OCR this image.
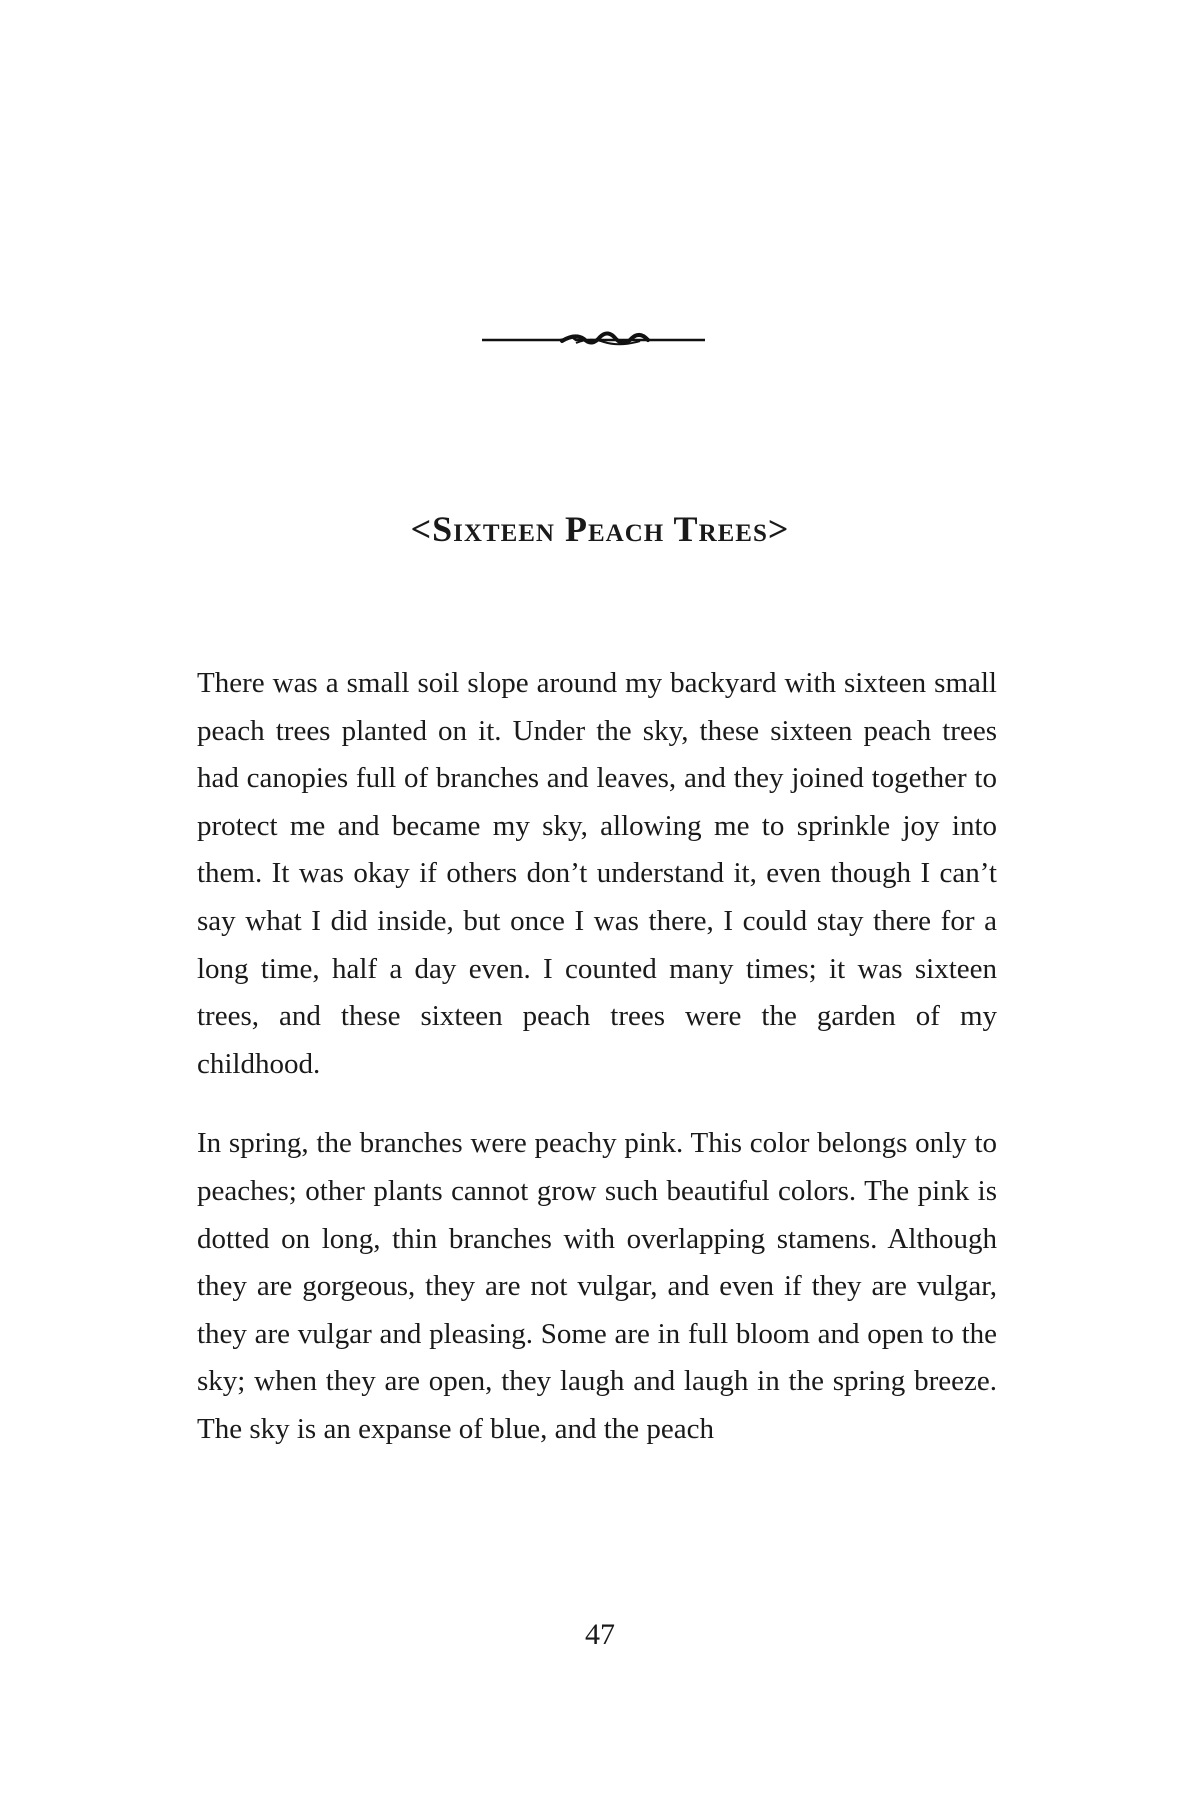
<Sixteen Peach Trees>

There was a small soil slope around my backyard with sixteen small peach trees planted on it. Under the sky, these sixteen peach trees had canopies full of branches and leaves, and they joined together to protect me and became my sky, allowing me to sprinkle joy into them. It was okay if others don’t understand it, even though I can’t say what I did inside, but once I was there, I could stay there for a long time, half a day even. I counted many times; it was sixteen trees, and these sixteen peach trees were the garden of my childhood.

In spring, the branches were peachy pink. This color belongs only to peaches; other plants cannot grow such beautiful colors. The pink is dotted on long, thin branches with overlapping stamens. Although they are gorgeous, they are not vulgar, and even if they are vulgar, they are vulgar and pleasing. Some are in full bloom and open to the sky; when they are open, they laugh and laugh in the spring breeze. The sky is an expanse of blue, and the peach

47
